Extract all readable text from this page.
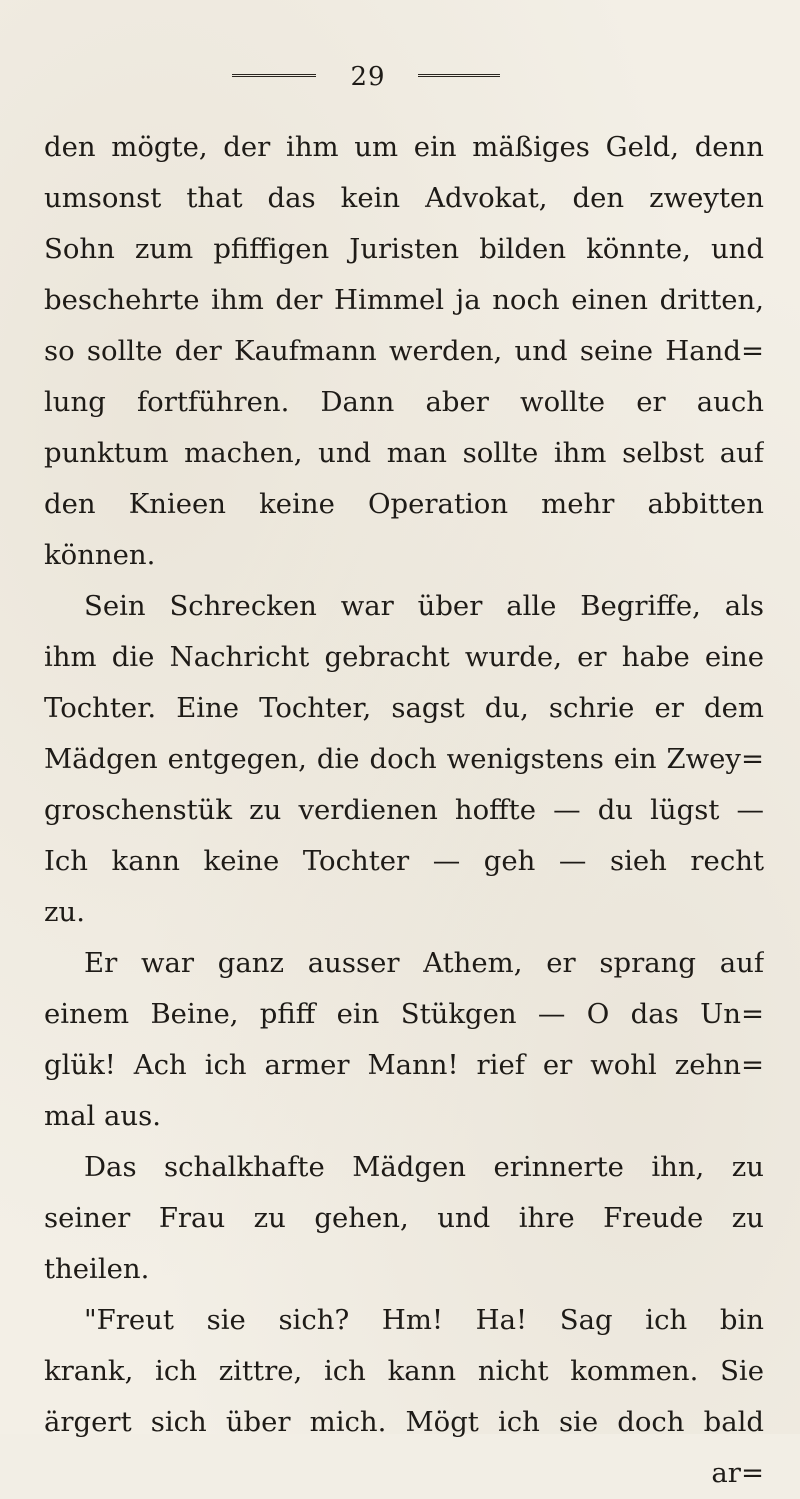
29
den mögte, der ihm um ein mäßiges Geld, denn
umsonst that das kein Advokat, den zweyten
Sohn zum pfiffigen Juristen bilden könnte, und
beschehrte ihm der Himmel ja noch einen dritten,
so sollte der Kaufmann werden, und seine Hand=
lung fortführen. Dann aber wollte er auch
punktum machen, und man sollte ihm selbst auf
den Knieen keine Operation mehr abbitten
können.
Sein Schrecken war über alle Begriffe, als
ihm die Nachricht gebracht wurde, er habe eine
Tochter. Eine Tochter, sagst du, schrie er dem
Mädgen entgegen, die doch wenigstens ein Zwey=
groschenstük zu verdienen hoffte — du lügst —
Ich kann keine Tochter — geh — sieh recht
zu.
Er war ganz ausser Athem, er sprang auf
einem Beine, pfiff ein Stükgen — O das Un=
glük! Ach ich armer Mann! rief er wohl zehn=
mal aus.
Das schalkhafte Mädgen erinnerte ihn, zu
seiner Frau zu gehen, und ihre Freude zu
theilen.
"Freut sie sich? Hm! Ha! Sag ich bin
krank, ich zittre, ich kann nicht kommen. Sie
ärgert sich über mich. Mögt ich sie doch bald
ar=
